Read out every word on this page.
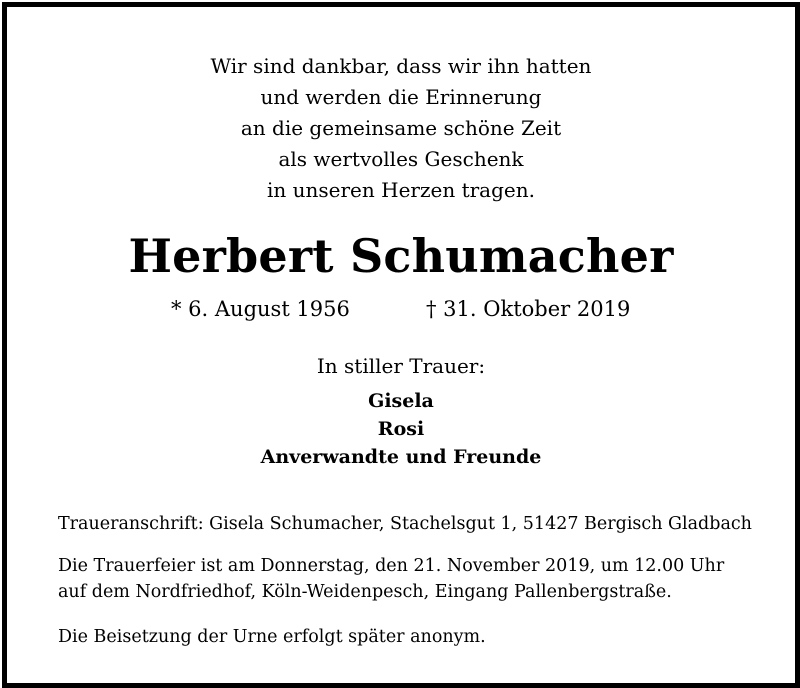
Wir sind dankbar, dass wir ihn hatten
und werden die Erinnerung
an die gemeinsame schöne Zeit
als wertvolles Geschenk
in unseren Herzen tragen.
Herbert Schumacher
* 6. August 1956	† 31. Oktober 2019
In stiller Trauer:
Gisela
Rosi
Anverwandte und Freunde
Traueranschrift: Gisela Schumacher, Stachelsgut 1, 51427 Bergisch Gladbach
Die Trauerfeier ist am Donnerstag, den 21. November 2019, um 12.00 Uhr
auf dem Nordfriedhof, Köln-Weidenpesch, Eingang Pallenbergstraße.
Die Beisetzung der Urne erfolgt später anonym.
